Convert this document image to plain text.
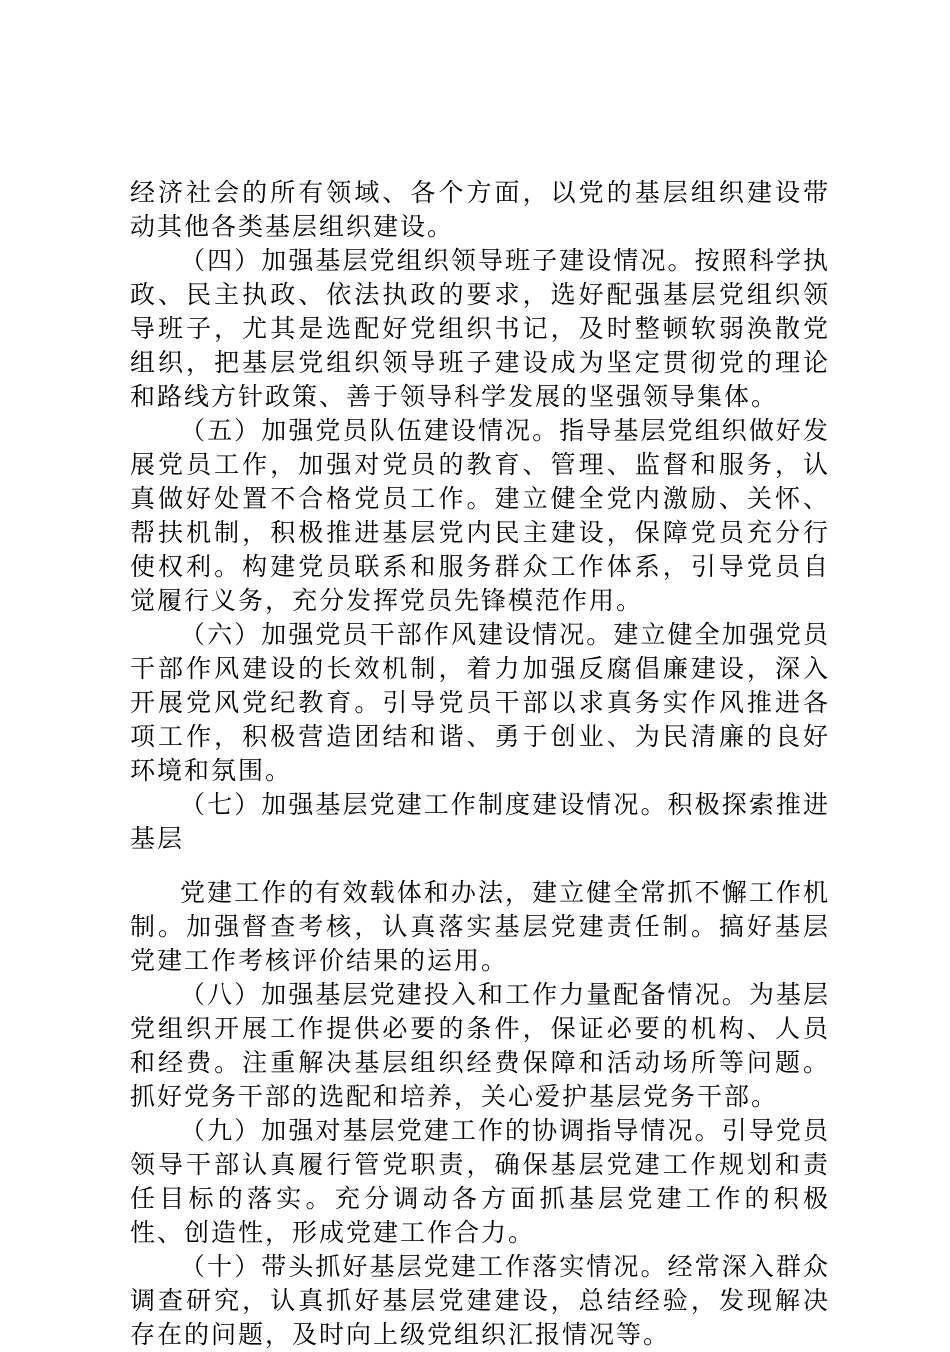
经济社会的所有领域、各个方面，以党的基层组织建设带动其他各类基层组织建设。

（四）加强基层党组织领导班子建设情况。按照科学执政、民主执政、依法执政的要求，选好配强基层党组织领导班子，尤其是选配好党组织书记，及时整顿软弱涣散党组织，把基层党组织领导班子建设成为坚定贯彻党的理论和路线方针政策、善于领导科学发展的坚强领导集体。

（五）加强党员队伍建设情况。指导基层党组织做好发展党员工作，加强对党员的教育、管理、监督和服务，认真做好处置不合格党员工作。建立健全党内激励、关怀、帮扶机制，积极推进基层党内民主建设，保障党员充分行使权利。构建党员联系和服务群众工作体系，引导党员自觉履行义务，充分发挥党员先锋模范作用。

（六）加强党员干部作风建设情况。建立健全加强党员干部作风建设的长效机制，着力加强反腐倡廉建设，深入开展党风党纪教育。引导党员干部以求真务实作风推进各项工作，积极营造团结和谐、勇于创业、为民清廉的良好环境和氛围。

（七）加强基层党建工作制度建设情况。积极探索推进基层

党建工作的有效载体和办法，建立健全常抓不懈工作机制。加强督查考核，认真落实基层党建责任制。搞好基层党建工作考核评价结果的运用。

（八）加强基层党建投入和工作力量配备情况。为基层党组织开展工作提供必要的条件，保证必要的机构、人员和经费。注重解决基层组织经费保障和活动场所等问题。抓好党务干部的选配和培养，关心爱护基层党务干部。

（九）加强对基层党建工作的协调指导情况。引导党员领导干部认真履行管党职责，确保基层党建工作规划和责任目标的落实。充分调动各方面抓基层党建工作的积极性、创造性，形成党建工作合力。

（十）带头抓好基层党建工作落实情况。经常深入群众调查研究，认真抓好基层党建建设，总结经验，发现解决存在的问题，及时向上级党组织汇报情况等。
